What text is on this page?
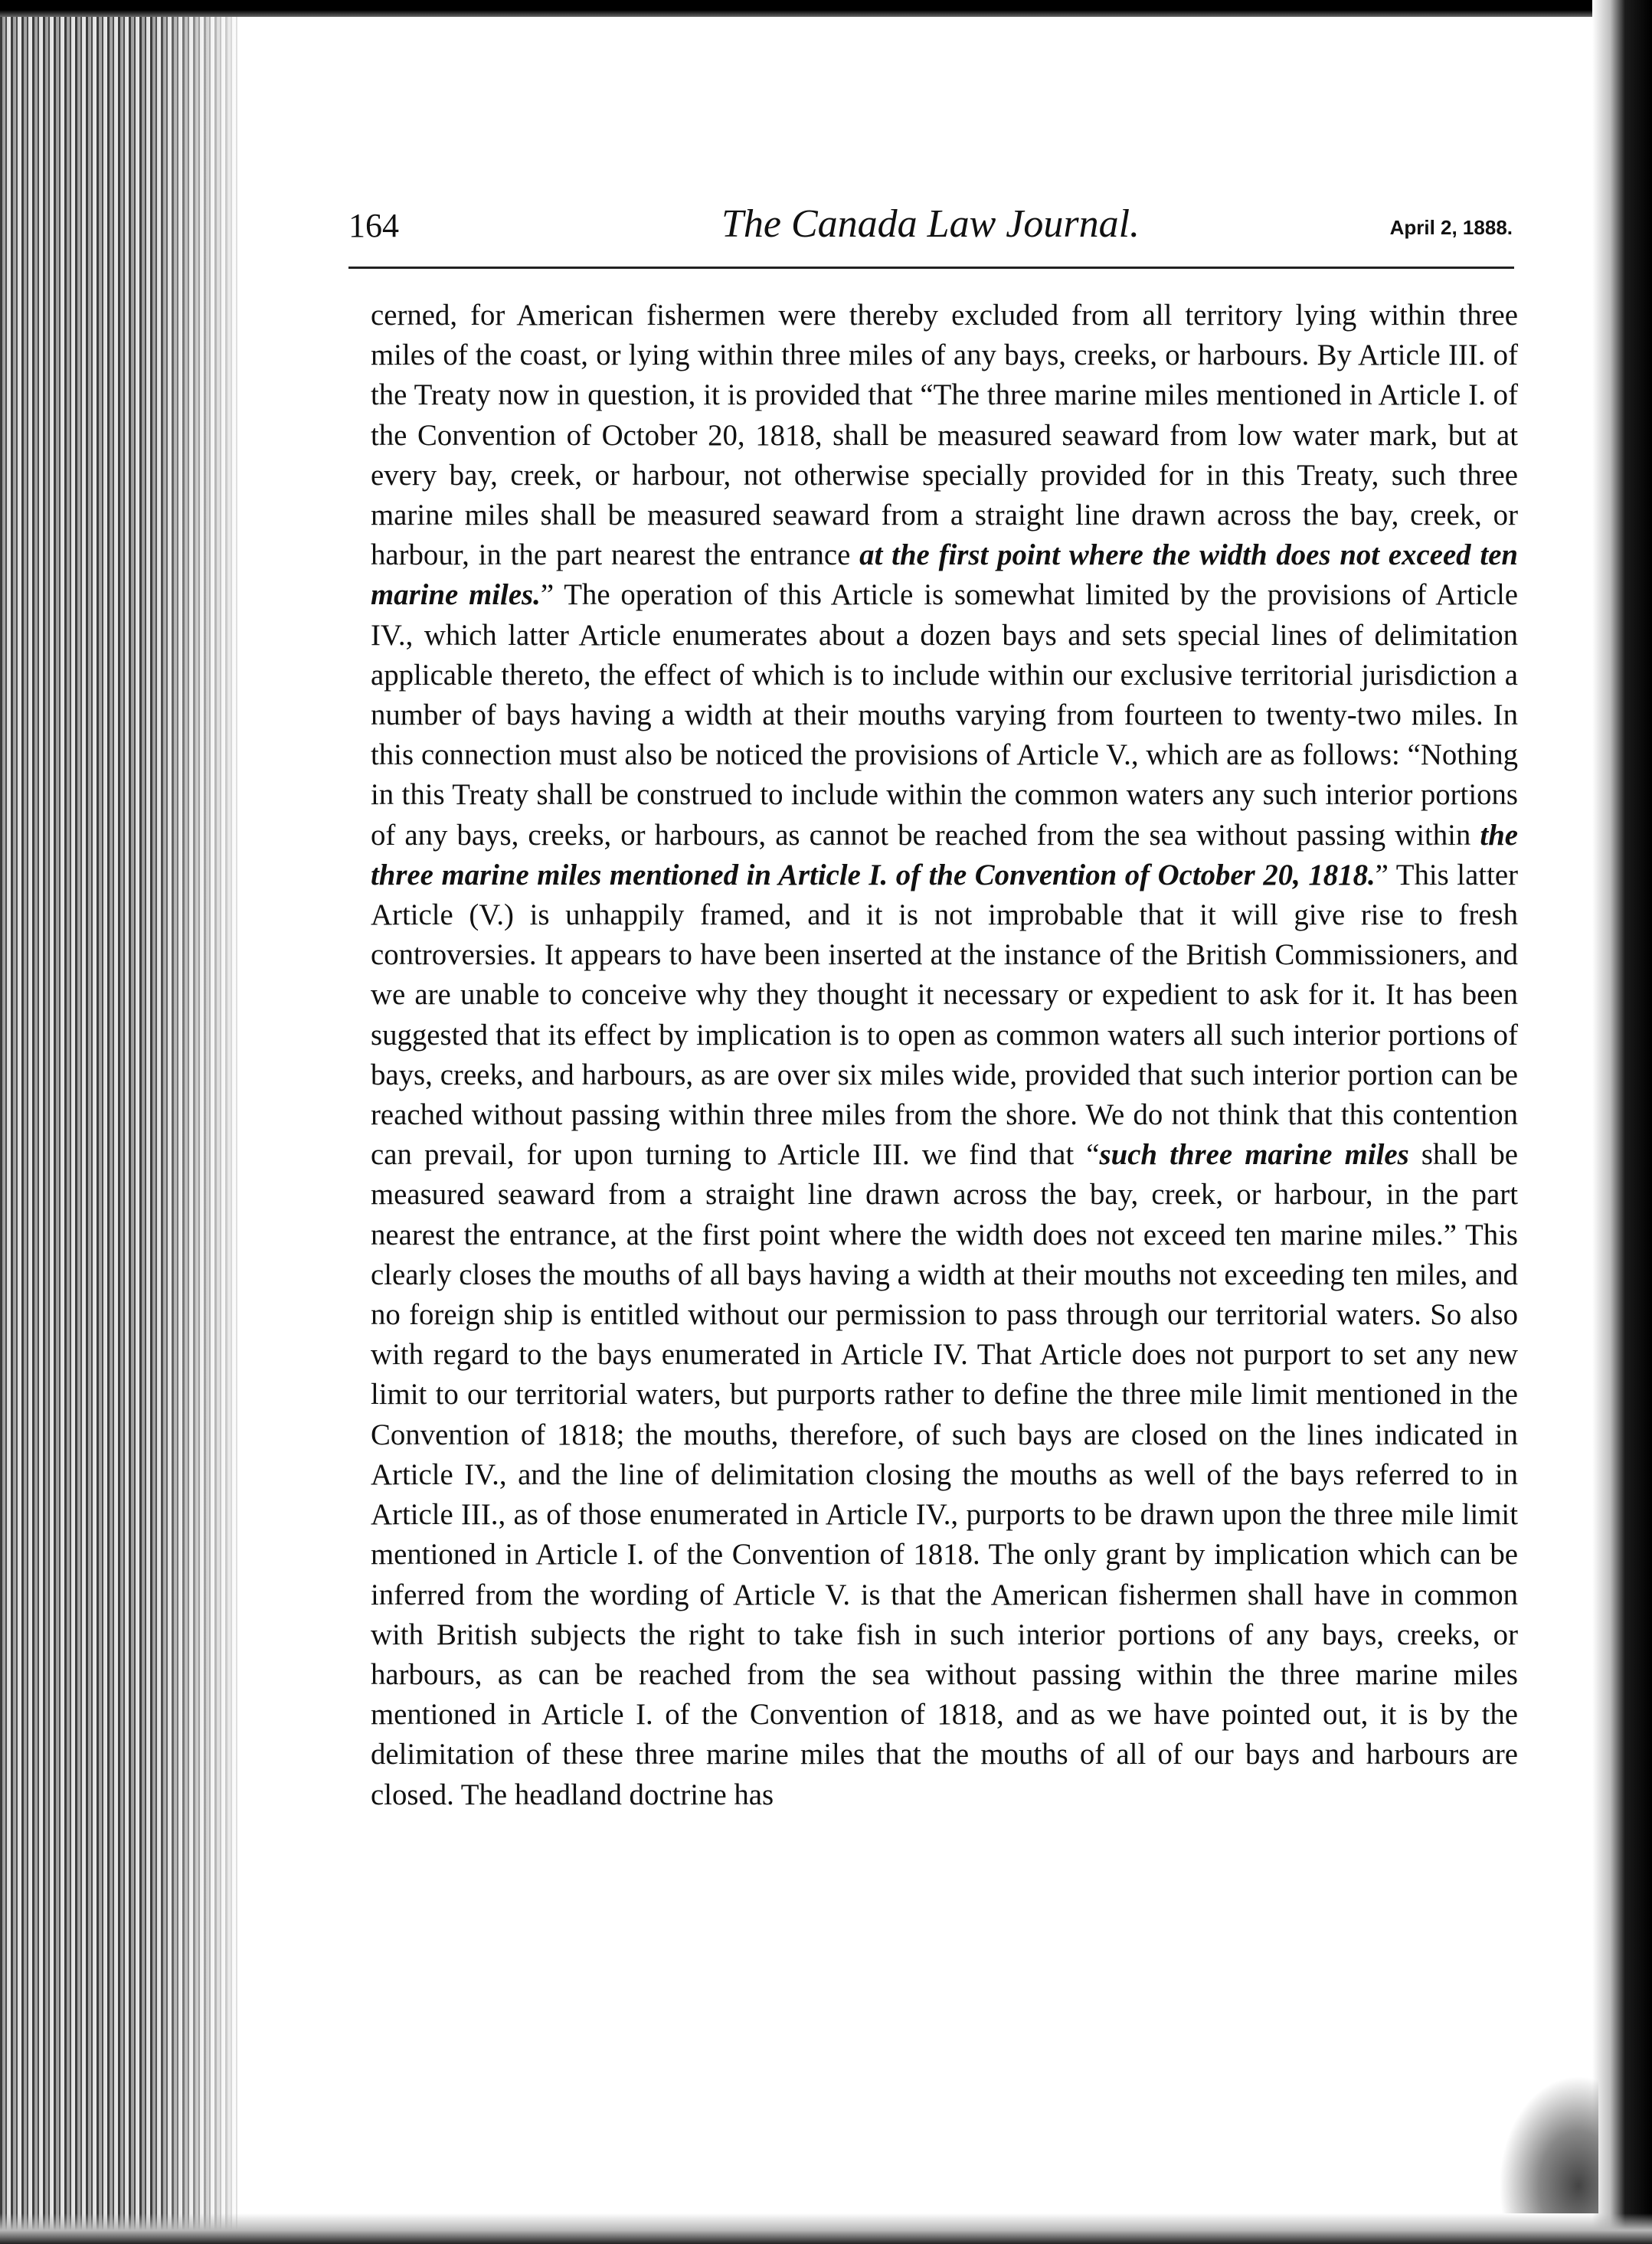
164	The Canada Law Journal.	April 2, 1888.

cerned, for American fishermen were thereby excluded from all territory lying within three miles of the coast, or lying within three miles of any bays, creeks, or harbours. By Article III. of the Treaty now in question, it is provided that “The three marine miles mentioned in Article I. of the Convention of October 20, 1818, shall be measured seaward from low water mark, but at every bay, creek, or harbour, not otherwise specially provided for in this Treaty, such three marine miles shall be measured seaward from a straight line drawn across the bay, creek, or harbour, in the part nearest the entrance at the first point where the width does not exceed ten marine miles.” The operation of this Article is somewhat limited by the provisions of Article IV., which latter Article enumerates about a dozen bays and sets special lines of delimitation applicable thereto, the effect of which is to include within our exclusive territorial jurisdiction a number of bays having a width at their mouths varying from fourteen to twenty-two miles. In this connection must also be noticed the provisions of Article V., which are as follows: “Nothing in this Treaty shall be construed to include within the common waters any such interior portions of any bays, creeks, or harbours, as cannot be reached from the sea without passing within the three marine miles mentioned in Article I. of the Convention of October 20, 1818.” This latter Article (V.) is unhappily framed, and it is not improbable that it will give rise to fresh controversies. It appears to have been inserted at the instance of the British Commissioners, and we are unable to conceive why they thought it necessary or expedient to ask for it. It has been suggested that its effect by implication is to open as common waters all such interior portions of bays, creeks, and harbours, as are over six miles wide, provided that such interior portion can be reached without passing within three miles from the shore. We do not think that this contention can prevail, for upon turning to Article III. we find that “such three marine miles shall be measured seaward from a straight line drawn across the bay, creek, or harbour, in the part nearest the entrance, at the first point where the width does not exceed ten marine miles.” This clearly closes the mouths of all bays having a width at their mouths not exceeding ten miles, and no foreign ship is entitled without our permission to pass through our territorial waters. So also with regard to the bays enumerated in Article IV. That Article does not purport to set any new limit to our territorial waters, but purports rather to define the three mile limit mentioned in the Convention of 1818; the mouths, therefore, of such bays are closed on the lines indicated in Article IV., and the line of delimitation closing the mouths as well of the bays referred to in Article III., as of those enumerated in Article IV., purports to be drawn upon the three mile limit mentioned in Article I. of the Convention of 1818. The only grant by implication which can be inferred from the wording of Article V. is that the American fishermen shall have in common with British subjects the right to take fish in such interior portions of any bays, creeks, or harbours, as can be reached from the sea without passing within the three marine miles mentioned in Article I. of the Convention of 1818, and as we have pointed out, it is by the delimitation of these three marine miles that the mouths of all of our bays and harbours are closed. The headland doctrine has
